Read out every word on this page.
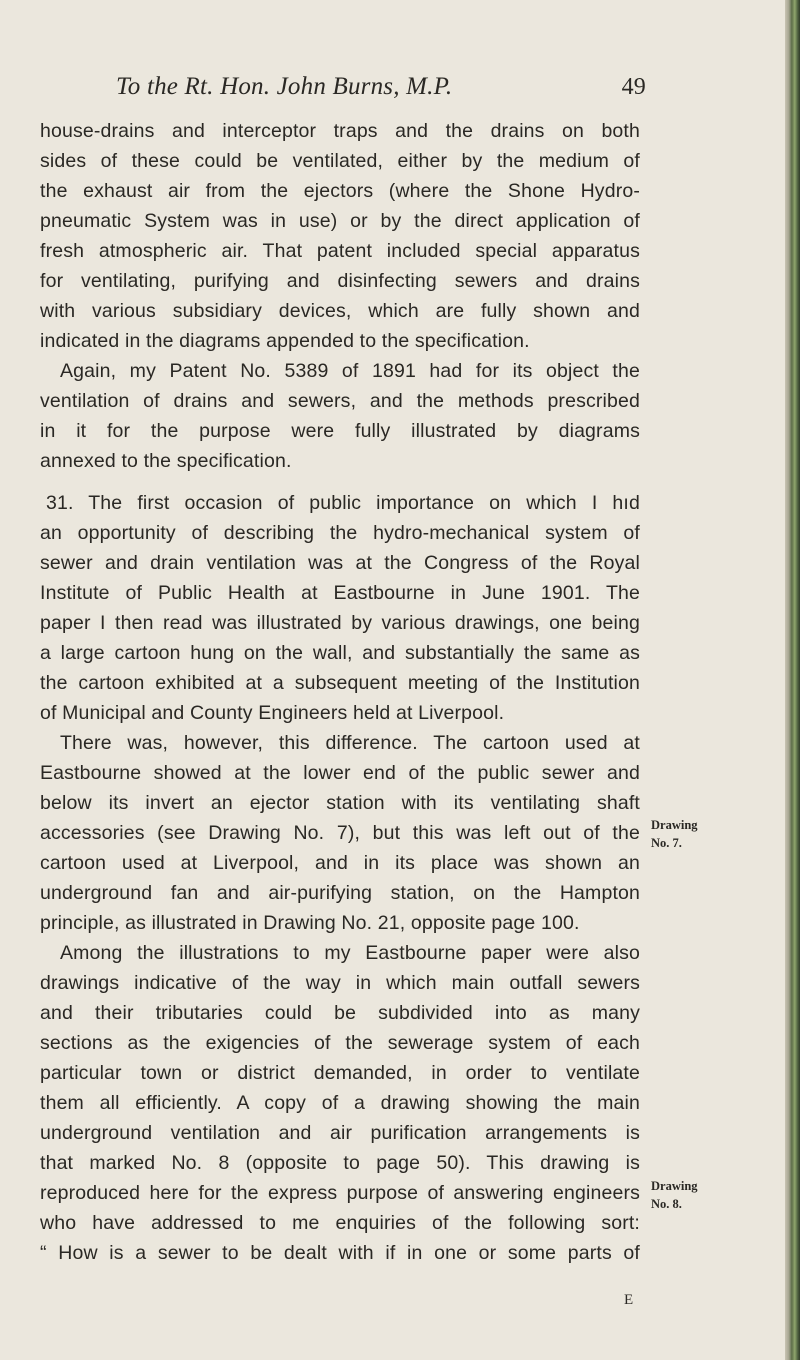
To the Rt. Hon. John Burns, M.P.	49
house-drains and interceptor traps and the drains on both
sides of these could be ventilated, either by the medium of
the exhaust air from the ejectors (where the Shone Hydro-
pneumatic System was in use) or by the direct application of
fresh atmospheric air. That patent included special apparatus
for ventilating, purifying and disinfecting sewers and drains
with various subsidiary devices, which are fully shown and
indicated in the diagrams appended to the specification.
Again, my Patent No. 5389 of 1891 had for its object the
ventilation of drains and sewers, and the methods prescribed
in it for the purpose were fully illustrated by diagrams
annexed to the specification.
31. The first occasion of public importance on which I hıd
an opportunity of describing the hydro-mechanical system of
sewer and drain ventilation was at the Congress of the Royal
Institute of Public Health at Eastbourne in June 1901. The
paper I then read was illustrated by various drawings, one being
a large cartoon hung on the wall, and substantially the same as
the cartoon exhibited at a subsequent meeting of the Institution
of Municipal and County Engineers held at Liverpool.
There was, however, this difference. The cartoon used at
Eastbourne showed at the lower end of the public sewer and
below its invert an ejector station with its ventilating shaft
accessories (see Drawing No. 7), but this was left out of the
cartoon used at Liverpool, and in its place was shown an
underground fan and air-purifying station, on the Hampton
principle, as illustrated in Drawing No. 21, opposite page 100.
Among the illustrations to my Eastbourne paper were also
drawings indicative of the way in which main outfall sewers
and their tributaries could be subdivided into as many
sections as the exigencies of the sewerage system of each
particular town or district demanded, in order to ventilate
them all efficiently. A copy of a drawing showing the main
underground ventilation and air purification arrangements is
that marked No. 8 (opposite to page 50). This drawing is
reproduced here for the express purpose of answering engineers
who have addressed to me enquiries of the following sort:
“ How is a sewer to be dealt with if in one or some parts of
Drawing
No. 7.
Drawing
No. 8.
E
